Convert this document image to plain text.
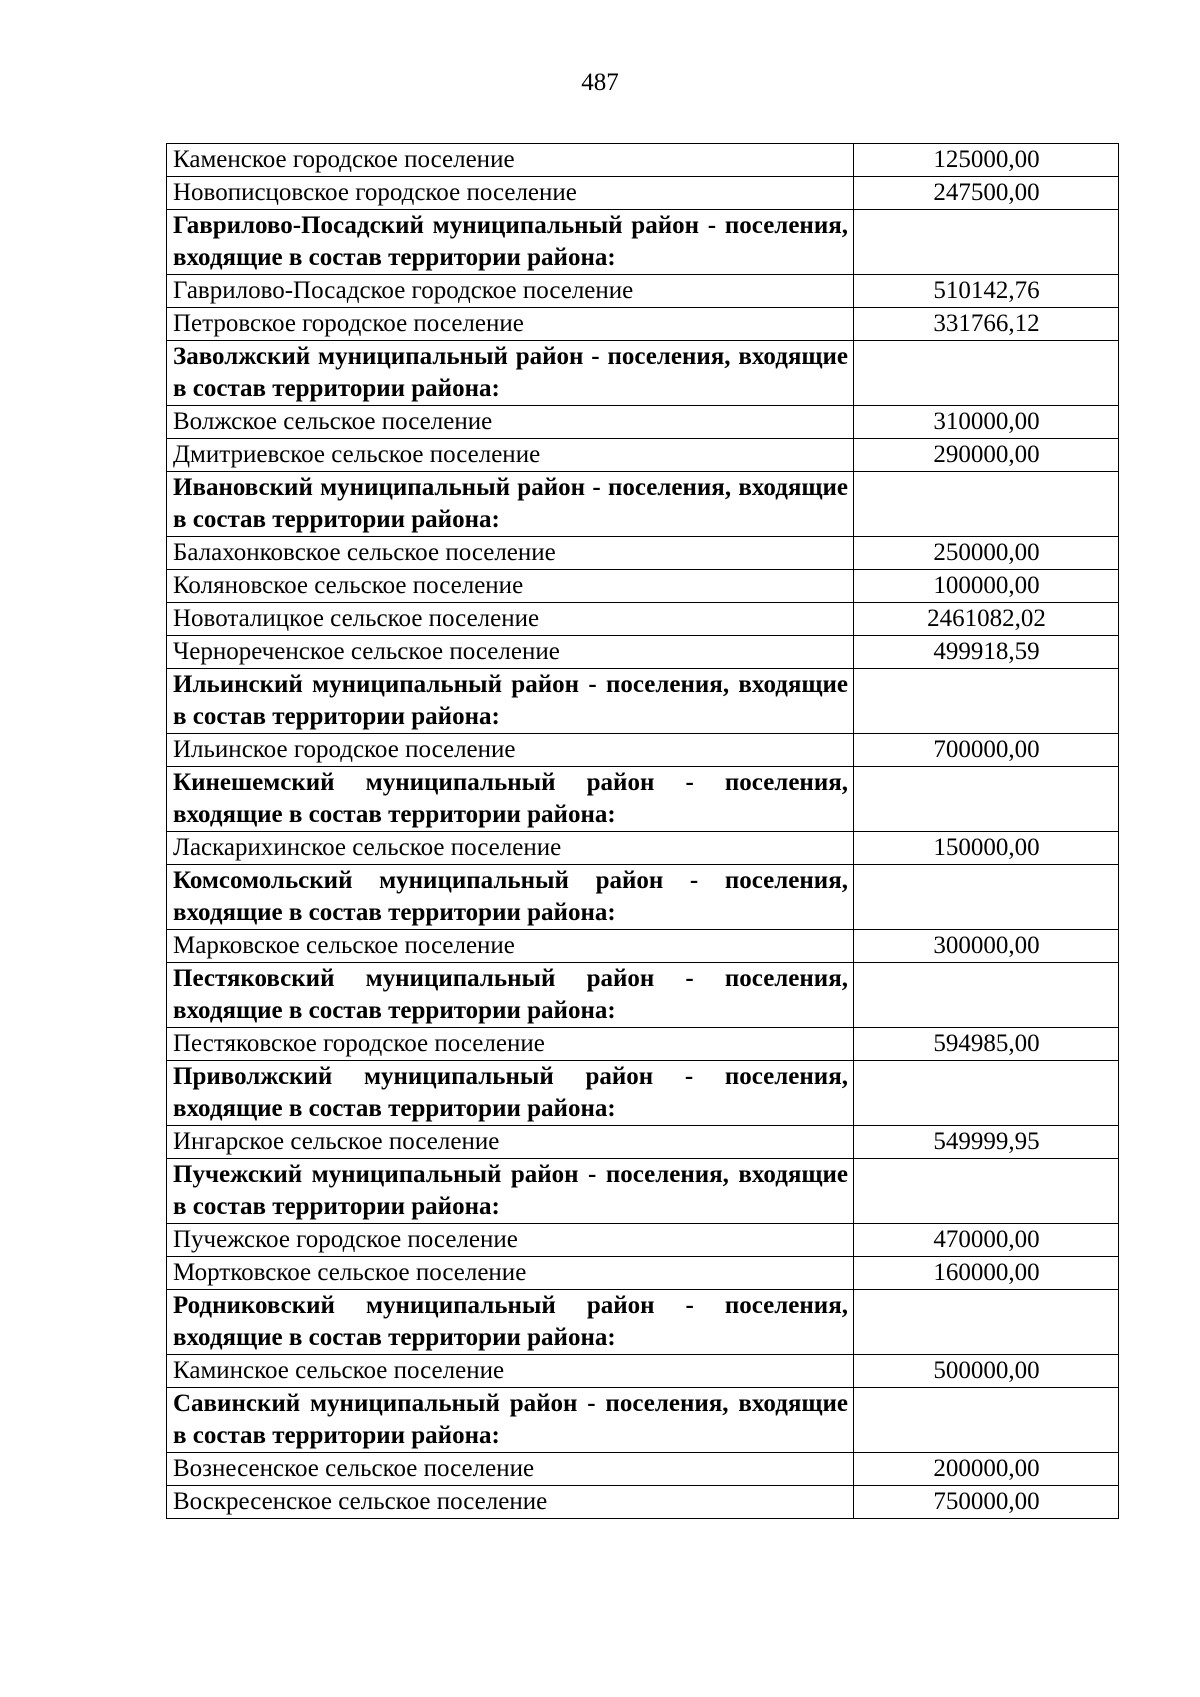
487
Каменское городское поселение	125000,00
Новописцовское городское поселение	247500,00
Гаврилово-Посадский муниципальный район - поселения, входящие в состав территории района:	
Гаврилово-Посадское городское поселение	510142,76
Петровское городское поселение	331766,12
Заволжский муниципальный район - поселения, входящие в состав территории района:	
Волжское сельское поселение	310000,00
Дмитриевское сельское поселение	290000,00
Ивановский муниципальный район - поселения, входящие в состав территории района:	
Балахонковское сельское поселение	250000,00
Коляновское сельское поселение	100000,00
Новоталицкое сельское поселение	2461082,02
Чернореченское сельское поселение	499918,59
Ильинский муниципальный район - поселения, входящие в состав территории района:	
Ильинское городское поселение	700000,00
Кинешемский муниципальный район - поселения, входящие в состав территории района:	
Ласкарихинское сельское поселение	150000,00
Комсомольский муниципальный район - поселения, входящие в состав территории района:	
Марковское сельское поселение	300000,00
Пестяковский муниципальный район - поселения, входящие в состав территории района:	
Пестяковское городское поселение	594985,00
Приволжский муниципальный район - поселения, входящие в состав территории района:	
Ингарское сельское поселение	549999,95
Пучежский муниципальный район - поселения, входящие в состав территории района:	
Пучежское городское поселение	470000,00
Мортковское сельское поселение	160000,00
Родниковский муниципальный район - поселения, входящие в состав территории района:	
Каминское сельское поселение	500000,00
Савинский муниципальный район - поселения, входящие в состав территории района:	
Вознесенское сельское поселение	200000,00
Воскресенское сельское поселение	750000,00
